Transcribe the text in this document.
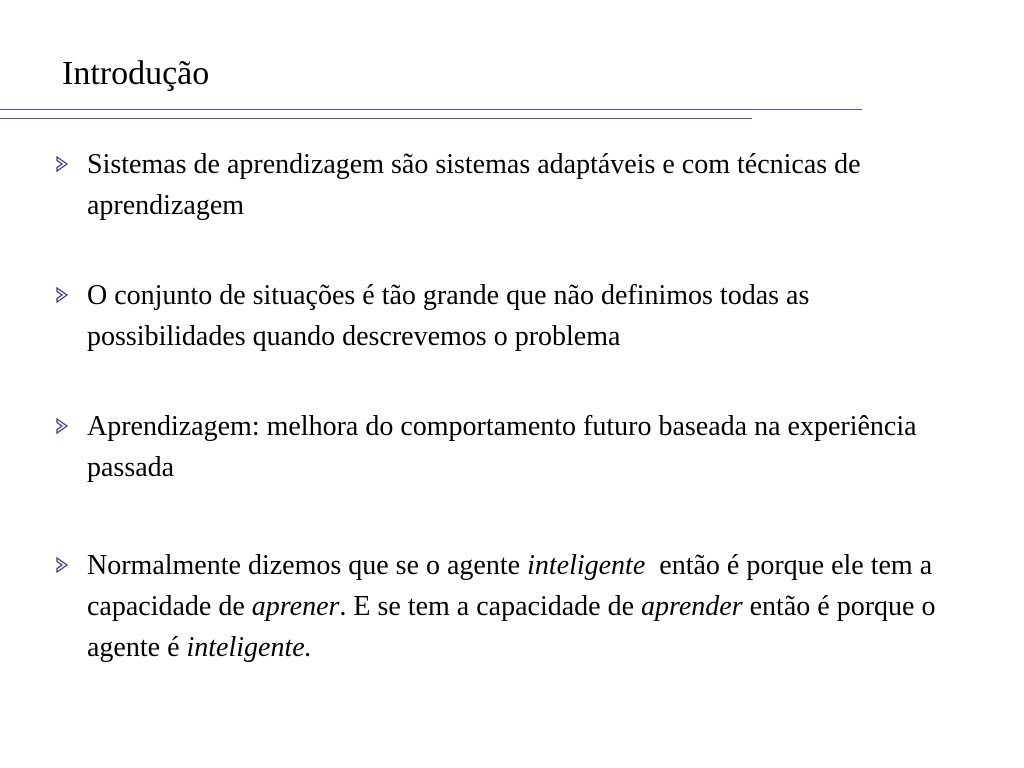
Introdução
Sistemas de aprendizagem são sistemas adaptáveis e com técnicas de aprendizagem
O conjunto de situações é tão grande que não definimos todas as possibilidades quando descrevemos o problema
Aprendizagem: melhora do comportamento futuro baseada na experiência passada
Normalmente dizemos que se o agente inteligente  então é porque ele tem a capacidade de aprener. E se tem a capacidade de aprender então é porque o agente é inteligente.
